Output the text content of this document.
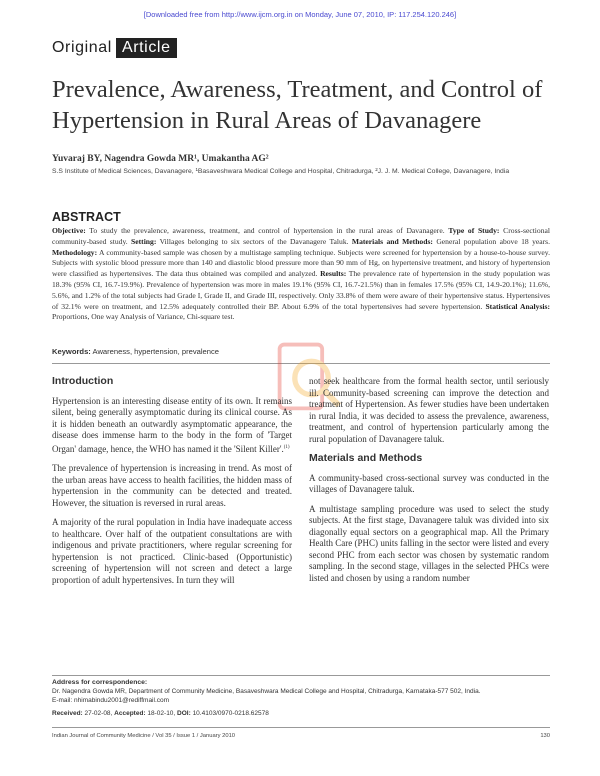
[Downloaded free from http://www.ijcm.org.in on Monday, June 07, 2010, IP: 117.254.120.246]
Original Article
Prevalence, Awareness, Treatment, and Control of Hypertension in Rural Areas of Davanagere
Yuvaraj BY, Nagendra Gowda MR¹, Umakantha AG²
S.S Institute of Medical Sciences, Davanagere, ¹Basaveshwara Medical College and Hospital, Chitradurga, ²J. J. M. Medical College, Davanagere, India
ABSTRACT
Objective: To study the prevalence, awareness, treatment, and control of hypertension in the rural areas of Davanagere. Type of Study: Cross-sectional community-based study. Setting: Villages belonging to six sectors of the Davanagere Taluk. Materials and Methods: General population above 18 years. Methodology: A community-based sample was chosen by a multistage sampling technique. Subjects were screened for hypertension by a house-to-house survey. Subjects with systolic blood pressure more than 140 and diastolic blood pressure more than 90 mm of Hg, on hypertensive treatment, and history of hypertension were classified as hypertensives. The data thus obtained was compiled and analyzed. Results: The prevalence rate of hypertension in the study population was 18.3% (95% CI, 16.7-19.9%). Prevalence of hypertension was more in males 19.1% (95% CI, 16.7-21.5%) than in females 17.5% (95% CI, 14.9-20.1%); 11.6%, 5.6%, and 1.2% of the total subjects had Grade I, Grade II, and Grade III, respectively. Only 33.8% of them were aware of their hypertensive status. Hypertensives of 32.1% were on treatment, and 12.5% adequately controlled their BP. About 6.9% of the total hypertensives had severe hypertension. Statistical Analysis: Proportions, One way Analysis of Variance, Chi-square test.
Keywords: Awareness, hypertension, prevalence
Introduction

Hypertension is an interesting disease entity of its own. It remains silent, being generally asymptomatic during its clinical course. As it is hidden beneath an outwardly asymptomatic appearance, the disease does immense harm to the body in the form of 'Target Organ' damage, hence, the WHO has named it the 'Silent Killer'.$^{(1)}$

The prevalence of hypertension is increasing in trend. As most of the urban areas have access to health facilities, the hidden mass of hypertension in the community can be detected and treated. However, the situation is reversed in rural areas.

A majority of the rural population in India have inadequate access to healthcare. Over half of the outpatient consultations are with indigenous and private practitioners, where regular screening for hypertension is not practiced. Clinic-based (Opportunistic) screening of hypertension will not screen and detect a large proportion of adult hypertensives. In turn they will

not seek healthcare from the formal health sector, until seriously ill. Community-based screening can improve the detection and treatment of Hypertension. As fewer studies have been undertaken in rural India, it was decided to assess the prevalence, awareness, treatment, and control of hypertension particularly among the rural population of Davanagere taluk.

Materials and Methods

A community-based cross-sectional survey was conducted in the villages of Davanagere taluk.

A multistage sampling procedure was used to select the study subjects. At the first stage, Davanagere taluk was divided into six diagonally equal sectors on a geographical map. All the Primary Health Care (PHC) units falling in the sector were listed and every second PHC from each sector was chosen by systematic random sampling. In the second stage, villages in the selected PHCs were listed and chosen by using a random number

Address for correspondence:
Dr. Nagendra Gowda MR, Department of Community Medicine, Basaveshwara Medical College and Hospital, Chitradurga, Karnataka-577 502, India.
E-mail: nhimabindu2001@rediffmail.com
Received: 27-02-08, Accepted: 18-02-10, DOI: 10.4103/0970-0218.62578
Indian Journal of Community Medicine / Vol 35 / Issue 1 / January 2010	130
